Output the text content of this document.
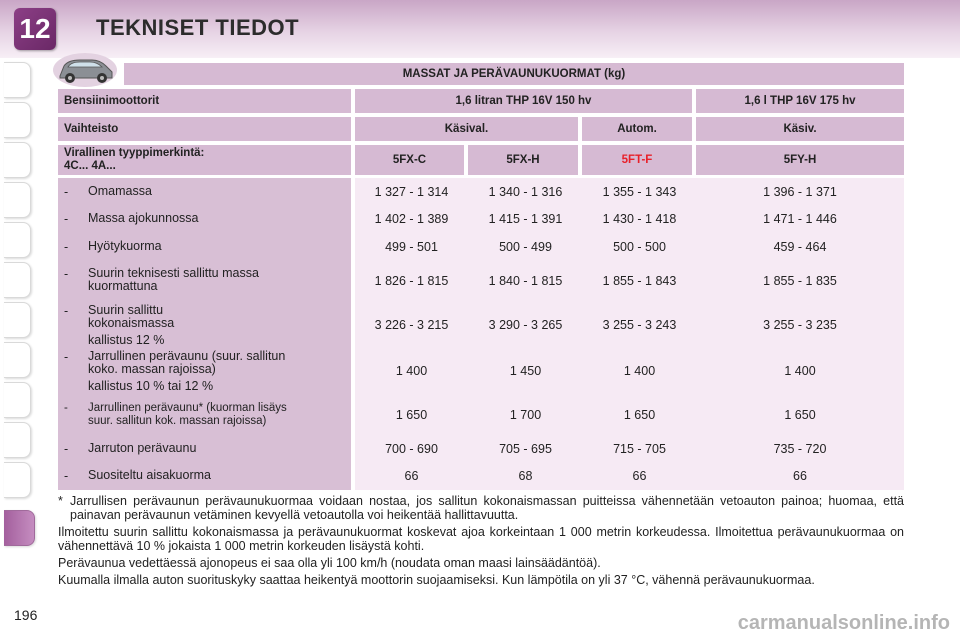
12 TEKNISET TIEDOT
MASSAT JA PERÄVAUNUKUORMAT (kg)
Bensiinimoottorit	1,6 litran THP 16V 150 hv	1,6 l THP 16V 175 hv
Vaihteisto	Käsival.	Autom.	Käsiv.
Virallinen tyyppimerkintä:
4C... 4A...	5FX-C	5FX-H	5FT-F	5FY-H
- Omamassa	1 327 - 1 314	1 340 - 1 316	1 355 - 1 343	1 396 - 1 371
- Massa ajokunnossa	1 402 - 1 389	1 415 - 1 391	1 430 - 1 418	1 471 - 1 446
- Hyötykuorma	499 - 501	500 - 499	500 - 500	459 - 464
- Suurin teknisesti sallittu massa
kuormattuna	1 826 - 1 815	1 840 - 1 815	1 855 - 1 843	1 855 - 1 835
- Suurin sallittu
kokonaismassa
kallistus 12 %
3 226 - 3 215	3 290 - 3 265	3 255 - 3 243	3 255 - 3 235
- Jarrullinen perävaunu (suur. sallitun
koko. massan rajoissa)
kallistus 10 % tai 12 %
1 400	1 450	1 400	1 400
- Jarrullinen perävaunu* (kuorman lisäys
suur. sallitun kok. massan rajoissa)	1 650	1 700	1 650	1 650
- Jarruton perävaunu	700 - 690	705 - 695	715 - 705	735 - 720
- Suositeltu aisakuorma	66	68	66	66

* Jarrullisen perävaunun perävaunukuormaa voidaan nostaa, jos sallitun kokonaismassan puitteissa vähennetään vetoauton painoa; huomaa, että painavan perävaunun vetäminen kevyellä vetoautolla voi heikentää hallittavuutta.

Ilmoitettu suurin sallittu kokonaismassa ja perävaunukuormat koskevat ajoa korkeintaan 1 000 metrin korkeudessa. Ilmoitettua perävaunukuormaa on vähennettävä 10 % jokaista 1 000 metrin korkeuden lisäystä kohti.

Perävaunua vedettäessä ajonopeus ei saa olla yli 100 km/h (noudata oman maasi lainsäädäntöä).

Kuumalla ilmalla auton suorituskyky saattaa heikentyä moottorin suojaamiseksi. Kun lämpötila on yli 37 °C, vähennä perävaunukuormaa.

196	carmanualsonline.info
